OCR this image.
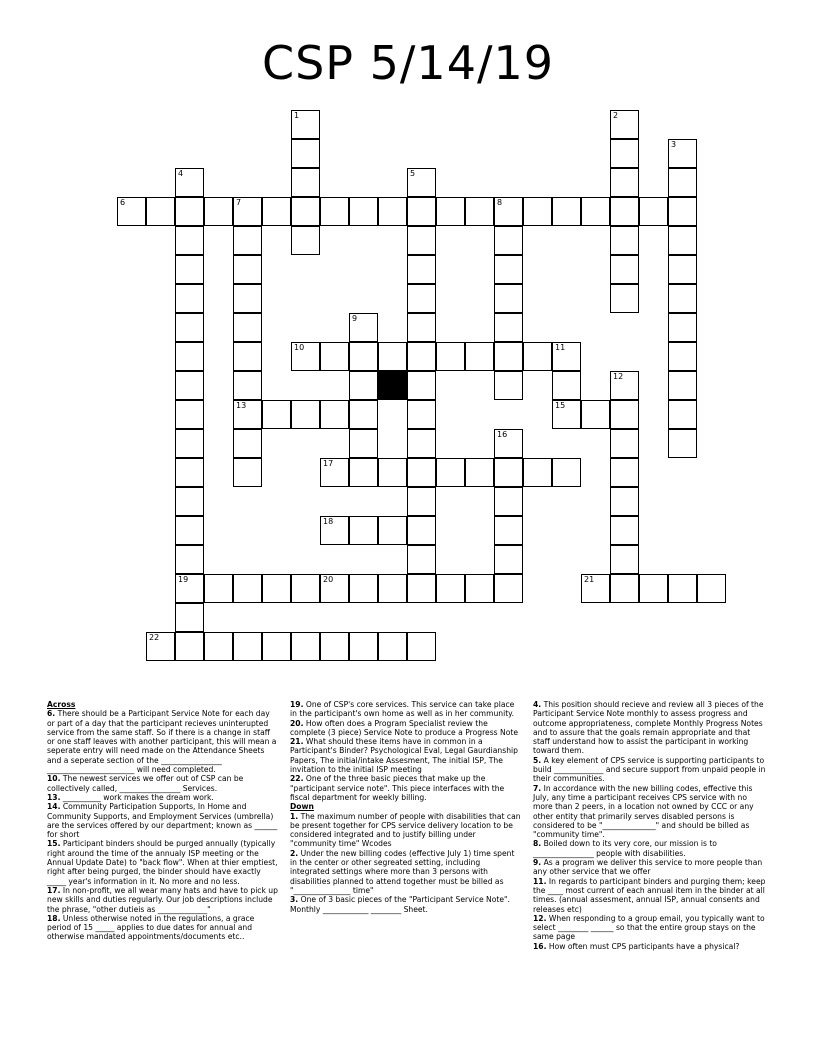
CSP 5/14/19
6	7	8
10	11
13	15
17
18
19	20	21
22
1	2
3
4	5
9
12
16

Across

6. There should be a Participant Service Note for each day or part of a day that the participant recieves uninterupted service from the same staff. So if there is a change in staff or one staff leaves with another participant, this will mean a seperate entry will need made on the Attendance Sheets and a seperate section of the ________________ _______________________ will need completed.

10. The newest services we offer out of CSP can be collectively called, ________________ Services.

13. __________ work makes the dream work.

14. Community Participation Supports, In Home and Community Supports, and Employment Services (umbrella) are the services offered by our department; known as ______ for short

15. Participant binders should be purged annually (typically right around the time of the annualy ISP meeting or the Annual Update Date) to "back flow". When at thier emptiest, right after being purged, the binder should have exactly _____ year's information in it. No more and no less.

17. In non-profit, we all wear many hats and have to pick up new skills and duties regularly. Our job descriptions include the phrase, "other dutieis as _____________"

18. Unless otherwise noted in the regulations, a grace period of 15 _____ applies to due dates for annual and otherwise mandated appointments/documents etc..

19. One of CSP's core services. This service can take place in the participant's own home as well as in her community.

20. How often does a Program Specialist review the complete (3 piece) Service Note to produce a Progress Note

21. What should these items have in common in a Participant's Binder? Psychological Eval, Legal Gaurdianship Papers, The initial/intake Assesment, The initial ISP, The invitation to the initial ISP meeting

22. One of the three basic pieces that make up the "participant service note". This piece interfaces with the fiscal department for weekly billing.

Down

1. The maximum number of people with disabilities that can be present together for CPS service delivery location to be considered integrated and to justify billing under "community time" Wcodes

2. Under the new billing codes (effective July 1) time spent in the center or other segreated setting, including integrated settings where more than 3 persons with disabilities planned to attend together must be billed as "_______________ time"

3. One of 3 basic pieces of the "Participant Service Note". Monthly ____________ ________ Sheet.

4. This position should recieve and review all 3 pieces of the Participant Service Note monthly to assess progress and outcome appropriateness, complete Monthly Progress Notes and to assure that the goals remain appropriate and that staff understand how to assist the participant in working toward them.

5. A key element of CPS service is supporting participants to build _____________ and secure support from unpaid people in their communities.

7. In accordance with the new billing codes, effective this July, any time a participant receives CPS service with no more than 2 peers, in a location not owned by CCC or any other entity that primarily serves disabled persons is considered to be "______________" and should be billed as "community time".

8. Boiled down to its very core, our mission is to ________________ people with disabilities.

9. As a program we deliver this service to more people than any other service that we offer

11. In regards to participant binders and purging them; keep the ____ most current of each annual item in the binder at all times. (annual assesment, annual ISP, annual consents and releases etc)

12. When responding to a group email, you typically want to select ________ ______ so that the entire group stays on the same page

16. How often must CPS participants have a physical?
